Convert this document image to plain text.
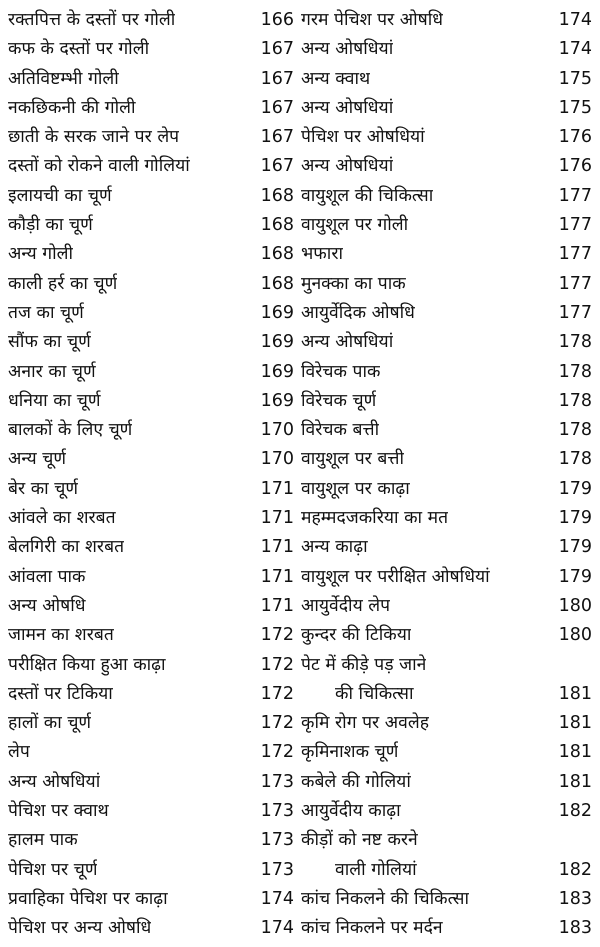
रक्तपित्त के दस्तों पर गोली	166
कफ के दस्तों पर गोली	167
अतिविष्टम्भी गोली	167
नकछिकनी की गोली	167
छाती के सरक जाने पर लेप	167
दस्तों को रोकने वाली गोलियां	167
इलायची का चूर्ण	168
कौड़ी का चूर्ण	168
अन्य गोली	168
काली हर्र का चूर्ण	168
तज का चूर्ण	169
सौंफ का चूर्ण	169
अनार का चूर्ण	169
धनिया का चूर्ण	169
बालकों के लिए चूर्ण	170
अन्य चूर्ण	170
बेर का चूर्ण	171
आंवले का शरबत	171
बेलगिरी का शरबत	171
आंवला पाक	171
अन्य ओषधि	171
जामन का शरबत	172
परीक्षित किया हुआ काढ़ा	172
दस्तों पर टिकिया	172
हालों का चूर्ण	172
लेप	172
अन्य ओषधियां	173
पेचिश पर क्वाथ	173
हालम पाक	173
पेचिश पर चूर्ण	173
प्रवाहिका पेचिश पर काढ़ा	174
पेचिश पर अन्य ओषधि	174
गरम पेचिश पर ओषधि	174
अन्य ओषधियां	174
अन्य क्वाथ	175
अन्य ओषधियां	175
पेचिश पर ओषधियां	176
अन्य ओषधियां	176
वायुशूल की चिकित्सा	177
वायुशूल पर गोली	177
भफारा	177
मुनक्का का पाक	177
आयुर्वेदिक ओषधि	177
अन्य ओषधियां	178
विरेचक पाक	178
विरेचक चूर्ण	178
विरेचक बत्ती	178
वायुशूल पर बत्ती	178
वायुशूल पर काढ़ा	179
महम्मदजकरिया का मत	179
अन्य काढ़ा	179
वायुशूल पर परीक्षित ओषधियां	179
आयुर्वेदीय लेप	180
कुन्दर की टिकिया	180
पेट में कीड़े पड़ जाने
की चिकित्सा	181
कृमि रोग पर अवलेह	181
कृमिनाशक चूर्ण	181
कबेले की गोलियां	181
आयुर्वेदीय काढ़ा	182
कीड़ों को नष्ट करने
वाली गोलियां	182
कांच निकलने की चिकित्सा	183
कांच निकलने पर मर्दन	183
